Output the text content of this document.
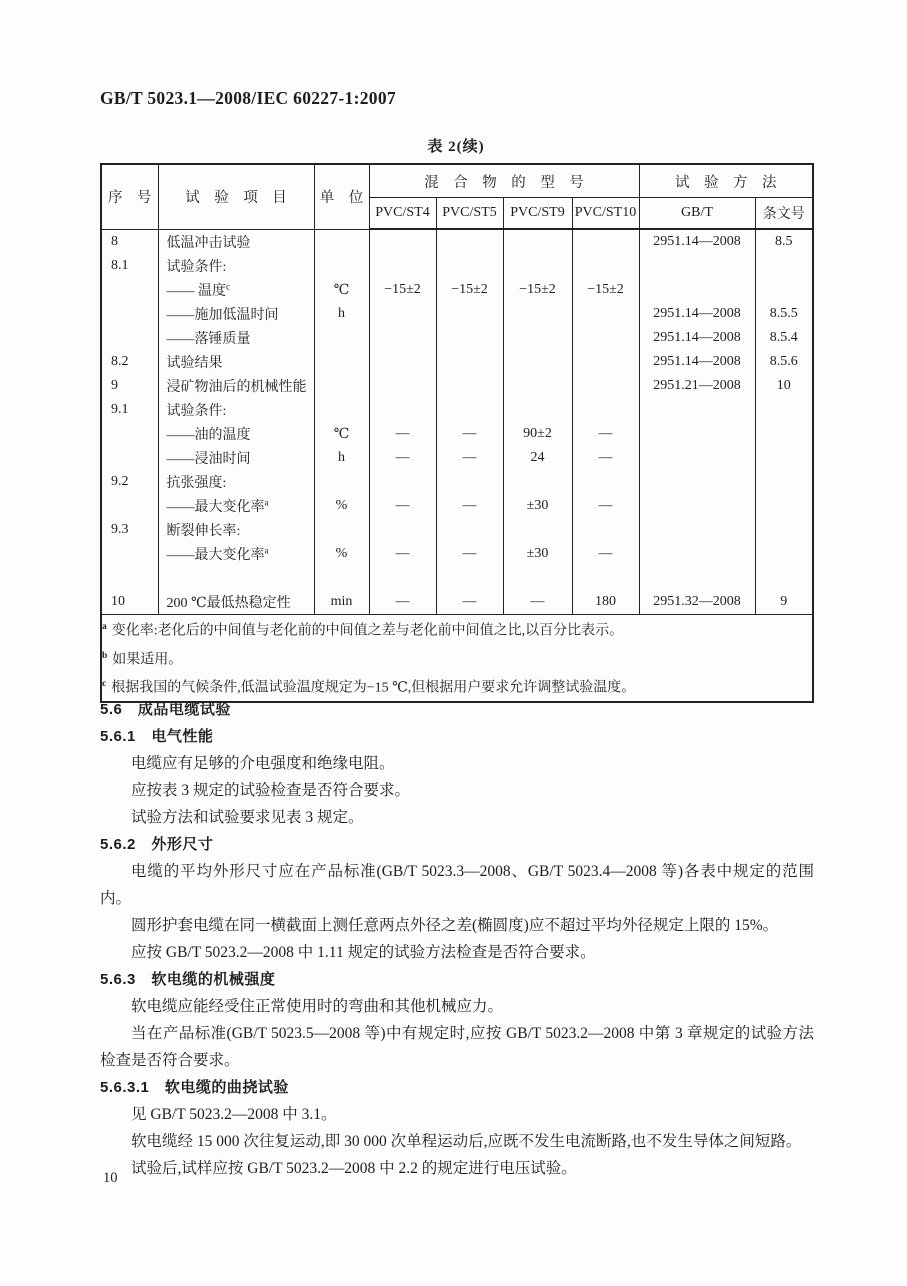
GB/T 5023.1—2008/IEC 60227-1:2007
表 2(续)
序　号	试　验　项　目	单　位	混　合　物　的　型　号				试　验　方　法	
			PVC/ST4	PVC/ST5	PVC/ST9	PVC/ST10	GB/T	条文号
8	低温冲击试验						2951.14—2008	8.5
8.1	试验条件:							
	—— 温度$^c$	℃	−15±2	−15±2	−15±2	−15±2		
	——施加低温时间	h					2951.14—2008	8.5.5
	——落锤质量						2951.14—2008	8.5.4
8.2	试验结果						2951.14—2008	8.5.6
9	浸矿物油后的机械性能						2951.21—2008	10
9.1	试验条件:							
	——油的温度	℃	—	—	90±2	—		
	——浸油时间	h	—	—	24	—		
9.2	抗张强度:							
	——最大变化率$^a$	%	—	—	±30	—		
9.3	断裂伸长率:							
	——最大变化率$^a$	%	—	—	±30	—		

10	200 ℃最低热稳定性	min	—	—	—	180	2951.32—2008	9

$^a$ 变化率:老化后的中间值与老化前的中间值之差与老化前中间值之比,以百分比表示。
$^b$ 如果适用。
$^c$ 根据我国的气候条件,低温试验温度规定为−15 ℃,但根据用户要求允许调整试验温度。								
5.6　成品电缆试验
5.6.1　电气性能
电缆应有足够的介电强度和绝缘电阻。
应按表 3 规定的试验检查是否符合要求。
试验方法和试验要求见表 3 规定。
5.6.2　外形尺寸
电缆的平均外形尺寸应在产品标准(GB/T 5023.3—2008、GB/T 5023.4—2008 等)各表中规定的范围内。
圆形护套电缆在同一横截面上测任意两点外径之差(椭圆度)应不超过平均外径规定上限的 15%。
应按 GB/T 5023.2—2008 中 1.11 规定的试验方法检查是否符合要求。
5.6.3　软电缆的机械强度
软电缆应能经受住正常使用时的弯曲和其他机械应力。
当在产品标准(GB/T 5023.5—2008 等)中有规定时,应按 GB/T 5023.2—2008 中第 3 章规定的试验方法检查是否符合要求。
5.6.3.1　软电缆的曲挠试验
见 GB/T 5023.2—2008 中 3.1。
软电缆经 15 000 次往复运动,即 30 000 次单程运动后,应既不发生电流断路,也不发生导体之间短路。
试验后,试样应按 GB/T 5023.2—2008 中 2.2 的规定进行电压试验。
10
